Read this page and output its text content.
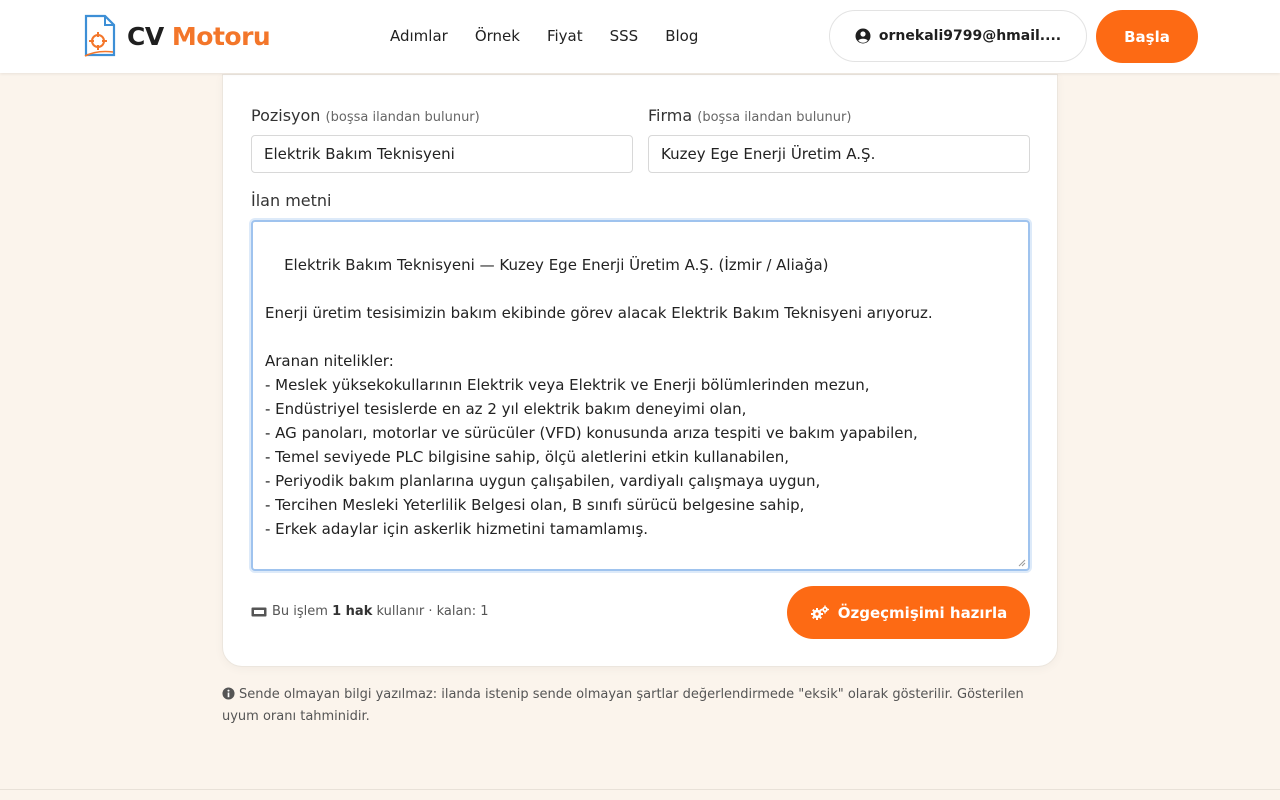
CV Motoru	Adımlar Örnek Fiyat SSS Blog	ornekali9799@hmail....	Başla
Pozisyon (boşsa ilandan bulunur)
Elektrik Bakım Teknisyeni
Firma (boşsa ilandan bulunur)
Kuzey Ege Enerji Üretim A.Ş.
İlan metni

Elektrik Bakım Teknisyeni — Kuzey Ege Enerji Üretim A.Ş. (İzmir / Aliağa)

Enerji üretim tesisimizin bakım ekibinde görev alacak Elektrik Bakım Teknisyeni arıyoruz.

Aranan nitelikler:
- Meslek yüksekokullarının Elektrik veya Elektrik ve Enerji bölümlerinden mezun,
- Endüstriyel tesislerde en az 2 yıl elektrik bakım deneyimi olan,
- AG panoları, motorlar ve sürücüler (VFD) konusunda arıza tespiti ve bakım yapabilen,
- Temel seviyede PLC bilgisine sahip, ölçü aletlerini etkin kullanabilen,
- Periyodik bakım planlarına uygun çalışabilen, vardiyalı çalışmaya uygun,
- Tercihen Mesleki Yeterlilik Belgesi olan, B sınıfı sürücü belgesine sahip,
- Erkek adaylar için askerlik hizmetini tamamlamış.

Bu işlem
1 hak
kullanır · kalan: 1	Özgeçmişimi hazırla
Sende olmayan bilgi yazılmaz: ilanda istenip sende olmayan şartlar değerlendirmede "eksik" olarak gösterilir. Gösterilen uyum oranı tahminidir.
